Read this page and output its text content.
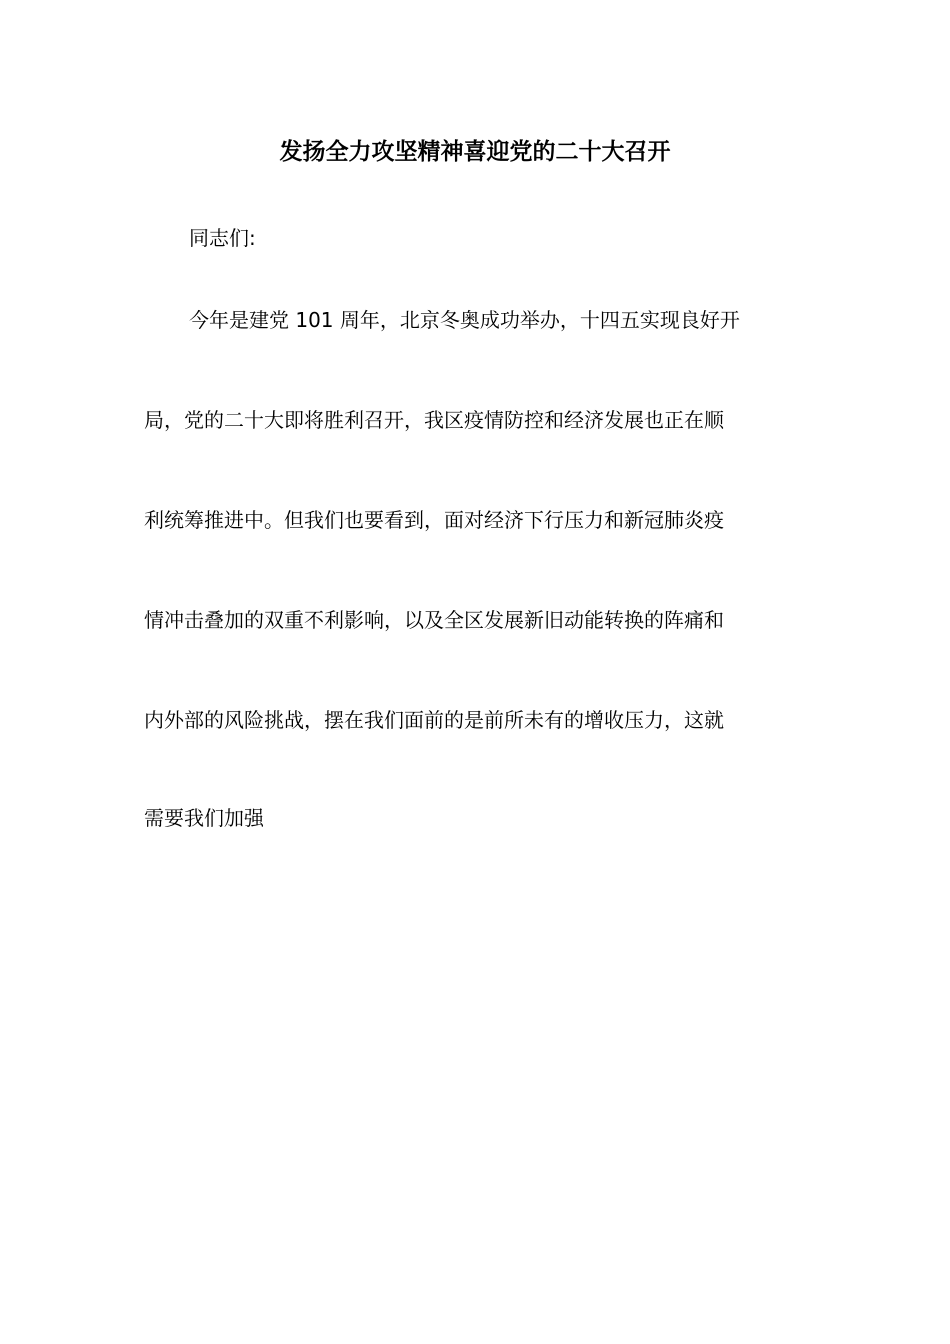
发扬全力攻坚精神喜迎党的二十大召开

同志们:

今年是建党 101 周年，北京冬奥成功举办，十四五实现良好开

局，党的二十大即将胜利召开，我区疫情防控和经济发展也正在顺

利统筹推进中。但我们也要看到，面对经济下行压力和新冠肺炎疫

情冲击叠加的双重不利影响，以及全区发展新旧动能转换的阵痛和

内外部的风险挑战，摆在我们面前的是前所未有的增收压力，这就

需要我们加强
